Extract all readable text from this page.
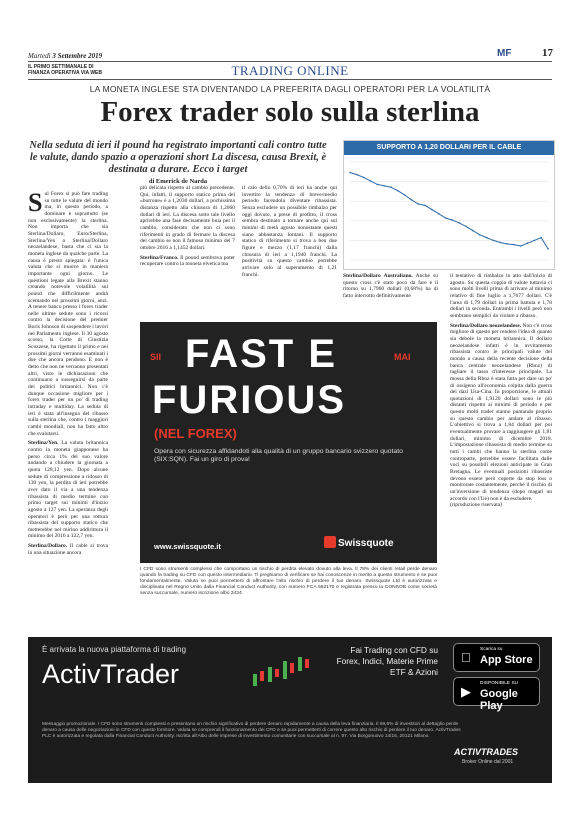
Martedì 3 Settembre 2019	MF	17
IL PRIMO SETTIMANALE DI
FINANZA OPERATIVA VIA WEB	TRADING ONLINE
LA MONETA INGLESE STA DIVENTANDO LA PREFERITA DAGLI OPERATORI PER LA VOLATILITÀ
Forex trader solo sulla sterlina
Nella seduta di ieri il pound ha registrato importanti cali contro tutte le valute, dando spazio a operazioni short La discesa, causa Brexit, è destinata a durare. Ecco i target
di Emerick de Narda
SUPPORTO A 1,20 DOLLARI PER IL CABLE
Sul Forex si può fare trading su tutte le valute del mondo ma, in questo periodo, a dominare è soprattutto (se non esclusivamente) la sterlina. Non importa che sia Sterlina/Dollaro, Euro/Sterlina, Sterlina/Yen o Sterlina/Dollaro neozelandese, basta che ci sia la moneta inglese da qualche parte. La causa è presto spiegata: è l'unica valuta che si muove in maniera importante ogni giorno. Le questioni legate alla Brexit stanno creando notevole volatilità sul pound che difficilmente andrà scemando nei prossimi giorni, anzi. A tenere banco presso i forex trader nelle ultime sedute sono i ricorsi contro la decisione del premier Boris Johnson di sospendere i lavori nel Parlamento inglese. Il 30 agosto scorso, la Corte di Giustizia Scozzese, ha rigettato il primo e nei prossimi giorni verranno esaminati i due che ancora pendono. E non è detto che non ne verranno presentati altri, visto le dichiarazioni che continuano a susseguirsi da parte dei politici britannici. Non c'è dunque occasione migliore per i forex trader per un po' di trading intraday e multiday. La seduta di ieri è stata all'insegna del ribasso sulla sterlina che, contro i maggiori cambi mondiali, non ha fatto altro che svalutarsi.
Sterlina/Yen. La valuta britannica contro la moneta giapponese ha perso circa 1% del suo valore andando a chiudere la giornata a quota 128,12 yen. Dopo alcune sedute di compressione a ridosso di 130 yen, la perdita di ieri potrebbe aver dato il via a una tendenza ribassista di medio termine con primo target sui minimi d'inizio agosto a 127 yen. La speranza degli operatori è però per una rottura ribassista del supporto statico che metterebbe nel mirino addirittura il minimo del 2016 a 122,7 yen.
Sterlina/Dollaro. Il cable si trova in una situazione ancora
più delicata rispetto al cambio precedente. Qui, infatti, il supporto statico prima del «burrone» è a 1,2030 dollari, a pochissima distanza rispetto alla chiusura di 1,2060 dollari di ieri. La discesa sotto tale livello aprirebbe una fase decisamente buia per il cambio, considerato che non ci sono riferimenti in grado di fermare la discesa del cambio se non il famoso minimo del 7 ottobre 2016 a 1,1452 dollari.
Sterlina/Franco. Il pound sembrava poter recuperare contro la moneta elvetica ma
il calo dello 0,70% di ieri ha anche qui invertito la tendenza di breve/medio periodo facendola diventare ribassista. Senza escludere un possibile rimbalzo per oggi dovuto, a prese di profitto, il cross sembra destinato a tornare anche qui sui minimi di metà agosto nonostante questi siano abbastanza lontani. Il supporto statico di riferimento si trova a ben due figure e mezzo (1,17 franchi) dalla chiusura di ieri a 1,1940 franchi. La positività su questo cambio potrebbe arrivare solo al superamento di 1,21 franchi.	Sterlina/Dollaro Australiano. Anche su questo cross c'è stato poco da fare e il ritorno su 1,7960 dollari (0,68%) ha di fatto interrotto definitivamente
il tentativo di rimbalzo in atto dall'inizio di agosto. Su questa coppia di valute tuttavia ci sono molti livelli prima di arrivare al minimo relativo di fine luglio a 1,7677 dollari. C'è l'area di 1,79 dollari in prima battuta e 1,78 dollari in seconda. Entrambi i livelli però non sembrano semplici da violare a ribasso.
Sterlina/Dollaro neozelandese. Non c'è cross migliore di questo per rendere l'idea di quanto sia debole la moneta britannica. Il dollaro neozelandese infatti è in avvitamento ribassista contro le principali valute del mondo a causa della recente decisione della banca centrale neozelandese (Rbnz) di tagliare il tasso d'interesse principale. La mossa della Rbnz è stata fatta per dare un po' di ossigeno all'economia colpita dalla guerra dei dazi Usa-Cina. In proporzione, le attuali quotazioni di 1,9120 dollari sono le più distanti rispetto ai minimi di periodo e per questo molti trader stanno puntando proprio su questo cambio per andare al ribasso. L'obiettivo si trova a 1,84 dollari per poi eventualmente provare a raggiungere gli 1,81 dollari, minimo di dicembre 2018. L'impostazione ribassista di medio termine su tutti i cambi che hanno la sterlina come controparte, potrebbe essere facilitata dalle voci su possibili elezioni anticipate in Gran Bretagna. Le eventuali posizioni ribassiste devono essere però coperte da stop loss o monitorate costantemente, perché il rischio di un'inversione di tendenza (dopo magari un accordo con l'Ue) non è da escludere.
(riproduzione riservata)
SII FAST E	MAI
FURIOUS
(NEL FOREX)
Opera con sicurezza affidandoti alla qualità di un gruppo bancario svizzero quotato (SIX:SQN). Fai un giro di prova!
www.swissquote.it	Swissquote
I CFD sono strumenti complessi che comportano un rischio di perdita elevato dovuto alla leva. Il 78% dei clienti retail perde denaro quando fa trading su CFD con questo intermediario. Ti preghiamo di verificare se hai conoscenze in merito a questo strumento e se puoi fondamentalmente. Valuta se puoi permetterti di affrontare l'alto rischio di perdere il tuo denaro. Swissquote Ltd è autorizzata e disciplinata nel Regno Unito dalla Financial Conduct Authority, con numero FCA 562170 e registrata presso la CONSOB come società senza succursale, numero iscrizione albo 3434.
È arrivata la nuova piattaforma di trading
ActivTrader
Fai Trading con CFD su Forex, Indici, Materie Prime ETF & Azioni
Scarica su
App Store
▶
DISPONIBILE SU
Google Play
Messaggio promozionale. I CFD sono strumenti complessi e presentano un rischio significativo di perdere denaro rapidamente a causa della leva finanziaria. Il 69,6% di investitori al dettaglio perde denaro a causa delle negoziazioni in CFD con questo fornitore. Valuta se comprendi il funzionamento dei CFD e se puoi permetterti di correre questo alto rischio di perdere il tuo denaro. ActivTrades PLC è autorizzata e regolata dalla Financial Conduct Authority. Iscritta all'Albo delle imprese di investimento comunitarie con succursale al n. 97. Via Borgonuovo 14/16, 20121 Milano.
ACTIVTRADES
Broker Online dal 2001
